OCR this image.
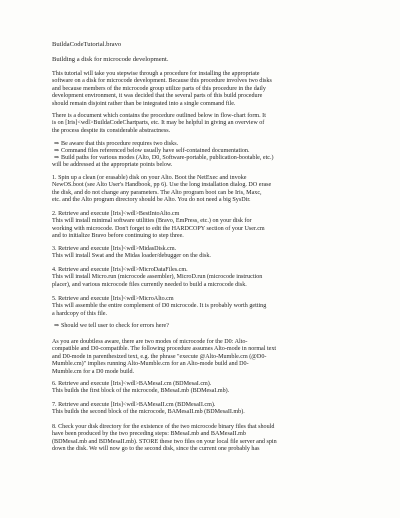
BuildaCodeTutorial.bravo
Building a disk for microcode development.
This tutorial will take you stepwise through a procedure for installing the appropriate
software on a disk for microcode development. Because this procedure involves two disks
and because members of the microcode group utilize parts of this procedure in the daily
development environment, it was decided that the several parts of this build procedure
should remain disjoint rather than be integrated into a single command file.
There is a document which contains the procedure outlined below in flow-chart form. It
is on [Iris]<wdl>BuildaCodeChartparts, etc. It may be helpful in giving an overview of
the process despite its considerable abstractness.
⇒ Be aware that this procedure requires two disks.
⇒ Command files referenced below usually have self-contained documentation.
⇒ Build paths for various modes (Alto, D0, Software-portable, publication-bootable, etc.)
will be addressed at the appropriate points below.
1. Spin up a clean (or erasable) disk on your Alto. Boot the NetExec and invoke
NewOS.boot (see Alto User's Handbook, pp 6). Use the long installation dialog. DO erase
the disk, and do not change any parameters. The Alto program boot can be Iris, Maxc,
etc. and the Alto program directory should be Alto. You do not need a big SysDir.
2. Retrieve and execute [Iris]<wdl>BestIntoAlto.cm
This will install minimal software utilities (Bravo, EmPress, etc.) on your disk for
working with microcode. Don't forget to edit the HARDCOPY section of your User.cm
and to initialize Bravo before continuing to step three.
3. Retrieve and execute [Iris]<wdl>MidasDisk.cm.
This will install Swat and the Midas loader/debugger on the disk.
4. Retrieve and execute [Iris]<wdl>MicroDataFiles.cm.
This will install Micro.run (microcode assembler), MicroD.run (microcode instruction
placer), and various microcode files currently needed to build a microcode disk.
5. Retrieve and execute [Iris]<wdl>MicroAlto.cm
This will assemble the entire complement of D0 microcode. It is probably worth getting
a hardcopy of this file.
⇒ Should we tell user to check for errors here?
As you are doubtless aware, there are two modes of microcode for the D0: Alto-
compatible and D0-compatible. The following procedure assumes Alto-mode in normal text
and D0-mode in parenthesized text, e.g. the phrase "execute @Alto-Mumble.cm (@D0-
Mumble.cm)" implies running Alto-Mumble.cm for an Alto-mode build and D0-
Mumble.cm for a D0 mode build.
6. Retrieve and execute [Iris]<wdl>BAMesaI.cm (BDMesaI.cm).
This builds the first block of the microcode, BMesaI.mb (BDMesaI.mb).
7. Retrieve and execute [Iris]<wdl>BAMesaII.cm (BDMesaII.cm).
This builds the second block of the microcode, BAMesaII.mb (BDMesaII.mb).
8. Check your disk directory for the existence of the two microcode binary files that should
have been produced by the two preceding steps: BMesaI.mb and BAMesaII.mb
(BDMesaI.mb and BDMesaII.mb). STORE these two files on your local file server and spin
down the disk. We will now go to the second disk, since the current one probably has
